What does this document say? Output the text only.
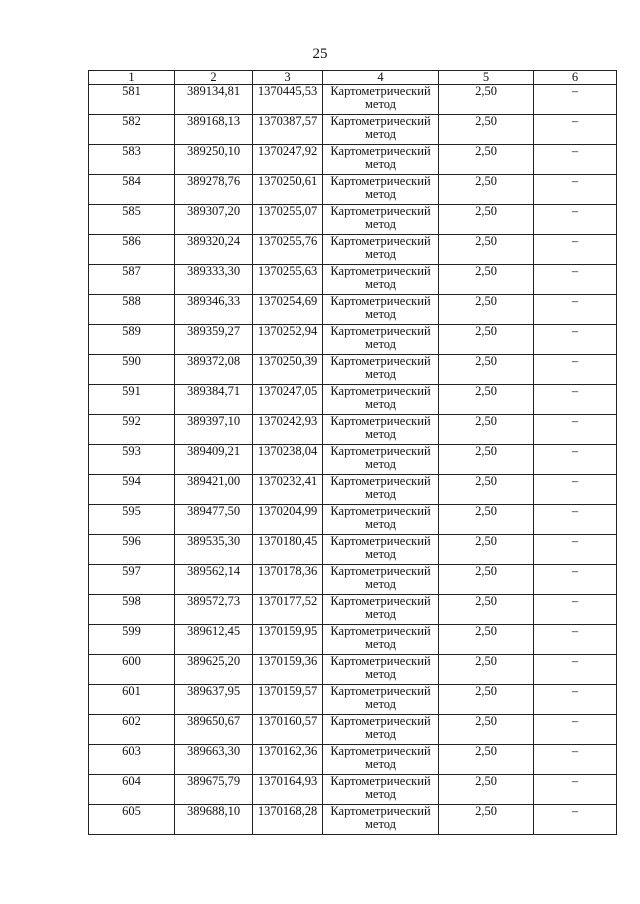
25
1	2	3	4	5	6
581	389134,81	1370445,53	Картометрический метод	2,50	–
582	389168,13	1370387,57	Картометрический метод	2,50	–
583	389250,10	1370247,92	Картометрический метод	2,50	–
584	389278,76	1370250,61	Картометрический метод	2,50	–
585	389307,20	1370255,07	Картометрический метод	2,50	–
586	389320,24	1370255,76	Картометрический метод	2,50	–
587	389333,30	1370255,63	Картометрический метод	2,50	–
588	389346,33	1370254,69	Картометрический метод	2,50	–
589	389359,27	1370252,94	Картометрический метод	2,50	–
590	389372,08	1370250,39	Картометрический метод	2,50	–
591	389384,71	1370247,05	Картометрический метод	2,50	–
592	389397,10	1370242,93	Картометрический метод	2,50	–
593	389409,21	1370238,04	Картометрический метод	2,50	–
594	389421,00	1370232,41	Картометрический метод	2,50	–
595	389477,50	1370204,99	Картометрический метод	2,50	–
596	389535,30	1370180,45	Картометрический метод	2,50	–
597	389562,14	1370178,36	Картометрический метод	2,50	–
598	389572,73	1370177,52	Картометрический метод	2,50	–
599	389612,45	1370159,95	Картометрический метод	2,50	–
600	389625,20	1370159,36	Картометрический метод	2,50	–
601	389637,95	1370159,57	Картометрический метод	2,50	–
602	389650,67	1370160,57	Картометрический метод	2,50	–
603	389663,30	1370162,36	Картометрический метод	2,50	–
604	389675,79	1370164,93	Картометрический метод	2,50	–
605	389688,10	1370168,28	Картометрический метод	2,50	–
